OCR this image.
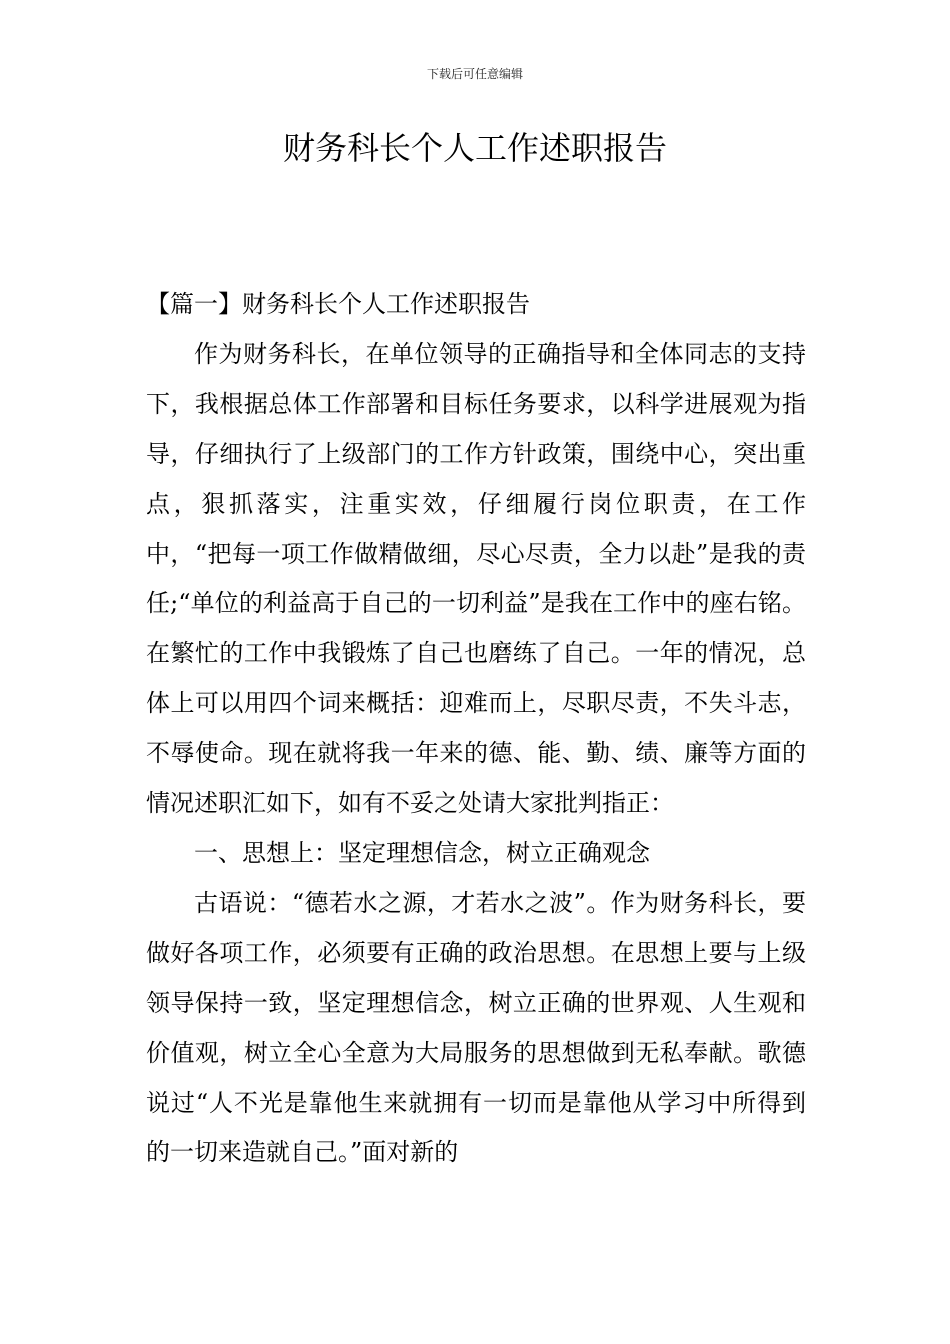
下载后可任意编辑
财务科长个人工作述职报告

【篇一】财务科长个人工作述职报告

作为财务科长，在单位领导的正确指导和全体同志的支持下，我根据总体工作部署和目标任务要求，以科学进展观为指导，仔细执行了上级部门的工作方针政策，围绕中心，突出重点，狠抓落实，注重实效，仔细履行岗位职责，在工作中，“把每一项工作做精做细，尽心尽责，全力以赴”是我的责任;“单位的利益高于自己的一切利益”是我在工作中的座右铭。在繁忙的工作中我锻炼了自己也磨练了自己。一年的情况，总体上可以用四个词来概括：迎难而上，尽职尽责，不失斗志，不辱使命。现在就将我一年来的德、能、勤、绩、廉等方面的情况述职汇如下，如有不妥之处请大家批判指正：

一、思想上：坚定理想信念，树立正确观念

古语说：“德若水之源，才若水之波”。作为财务科长，要做好各项工作，必须要有正确的政治思想。在思想上要与上级领导保持一致，坚定理想信念，树立正确的世界观、人生观和价值观，树立全心全意为大局服务的思想做到无私奉献。歌德说过“人不光是靠他生来就拥有一切而是靠他从学习中所得到的一切来造就自己。”面对新的
